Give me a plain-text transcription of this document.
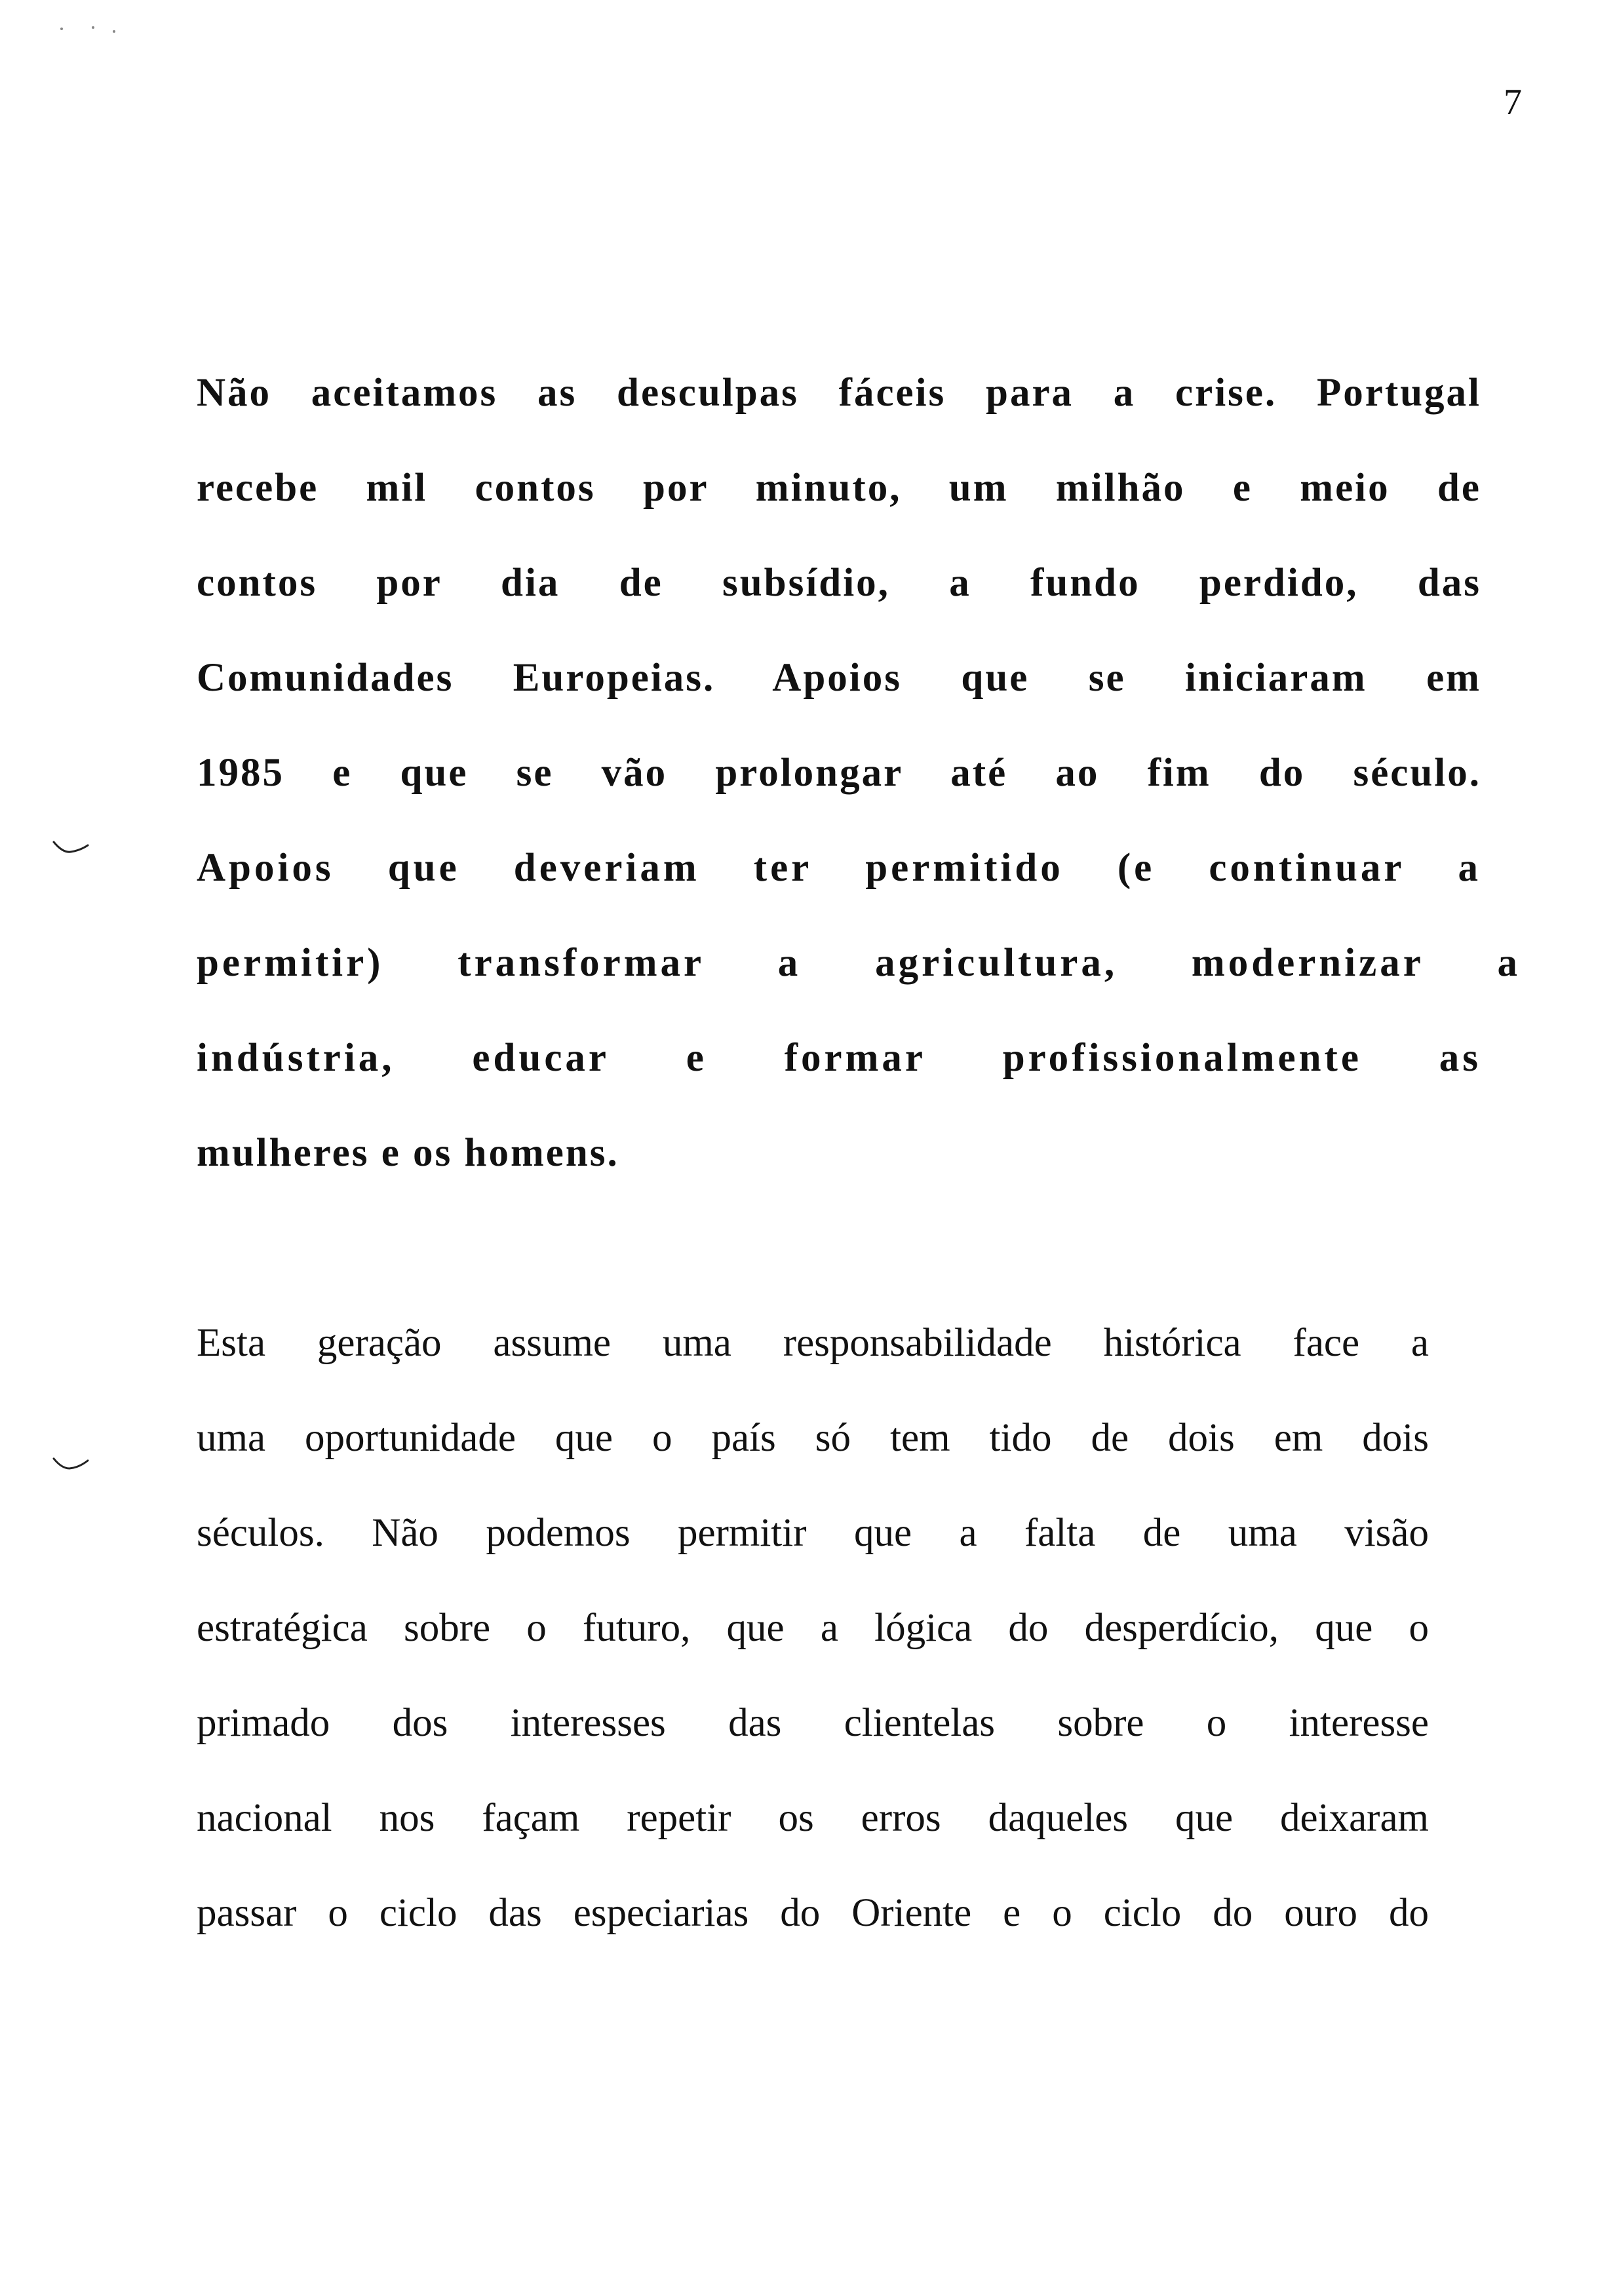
7
Não aceitamos as desculpas fáceis para a crise. Portugal
recebe mil contos por minuto, um milhão e meio de
contos por dia de subsídio, a fundo perdido, das
Comunidades Europeias. Apoios que se iniciaram em
1985 e que se vão prolongar até ao fim do século.
Apoios que deveriam ter permitido (e continuar a
permitir) transformar a agricultura, modernizar a
indústria, educar e formar profissionalmente as
mulheres e os homens.
Esta geração assume uma responsabilidade histórica face a
uma oportunidade que o país só tem tido de dois em dois
séculos. Não podemos permitir que a falta de uma visão
estratégica sobre o futuro, que a lógica do desperdício, que o
primado dos interesses das clientelas sobre o interesse
nacional nos façam repetir os erros daqueles que deixaram
passar o ciclo das especiarias do Oriente e o ciclo do ouro do
